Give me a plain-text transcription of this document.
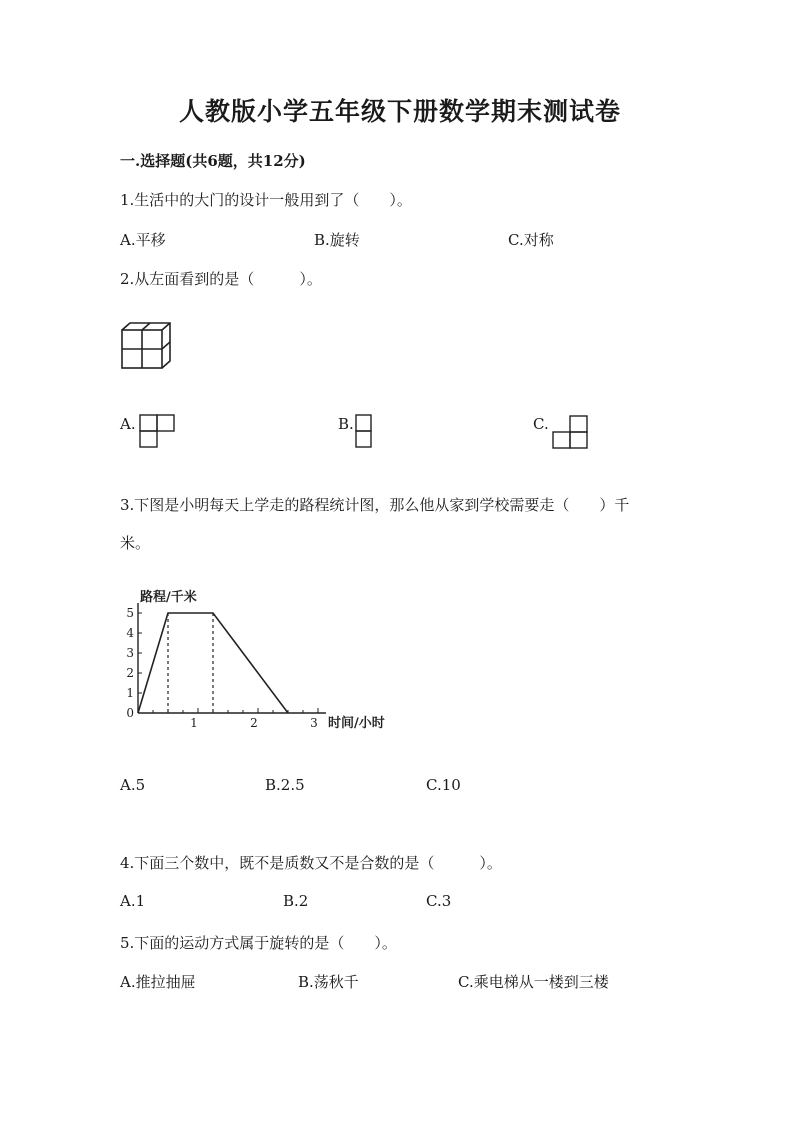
人教版小学五年级下册数学期末测试卷
一.选择题(共6题，共12分)
1.生活中的大门的设计一般用到了（　　）。
A.平移	B.旋转	C.对称
2.从左面看到的是（　　　）。
A.	B.	C.
3.下图是小明每天上学走的路程统计图，那么他从家到学校需要走（　　）千
米。
0
1
2
3
4
5
1	2	3
路程/千米
时间/小时
A.5	B.2.5	C.10
4.下面三个数中，既不是质数又不是合数的是（　　　）。
A.1	B.2	C.3
5.下面的运动方式属于旋转的是（　　）。
A.推拉抽屉	B.荡秋千	C.乘电梯从一楼到三楼
